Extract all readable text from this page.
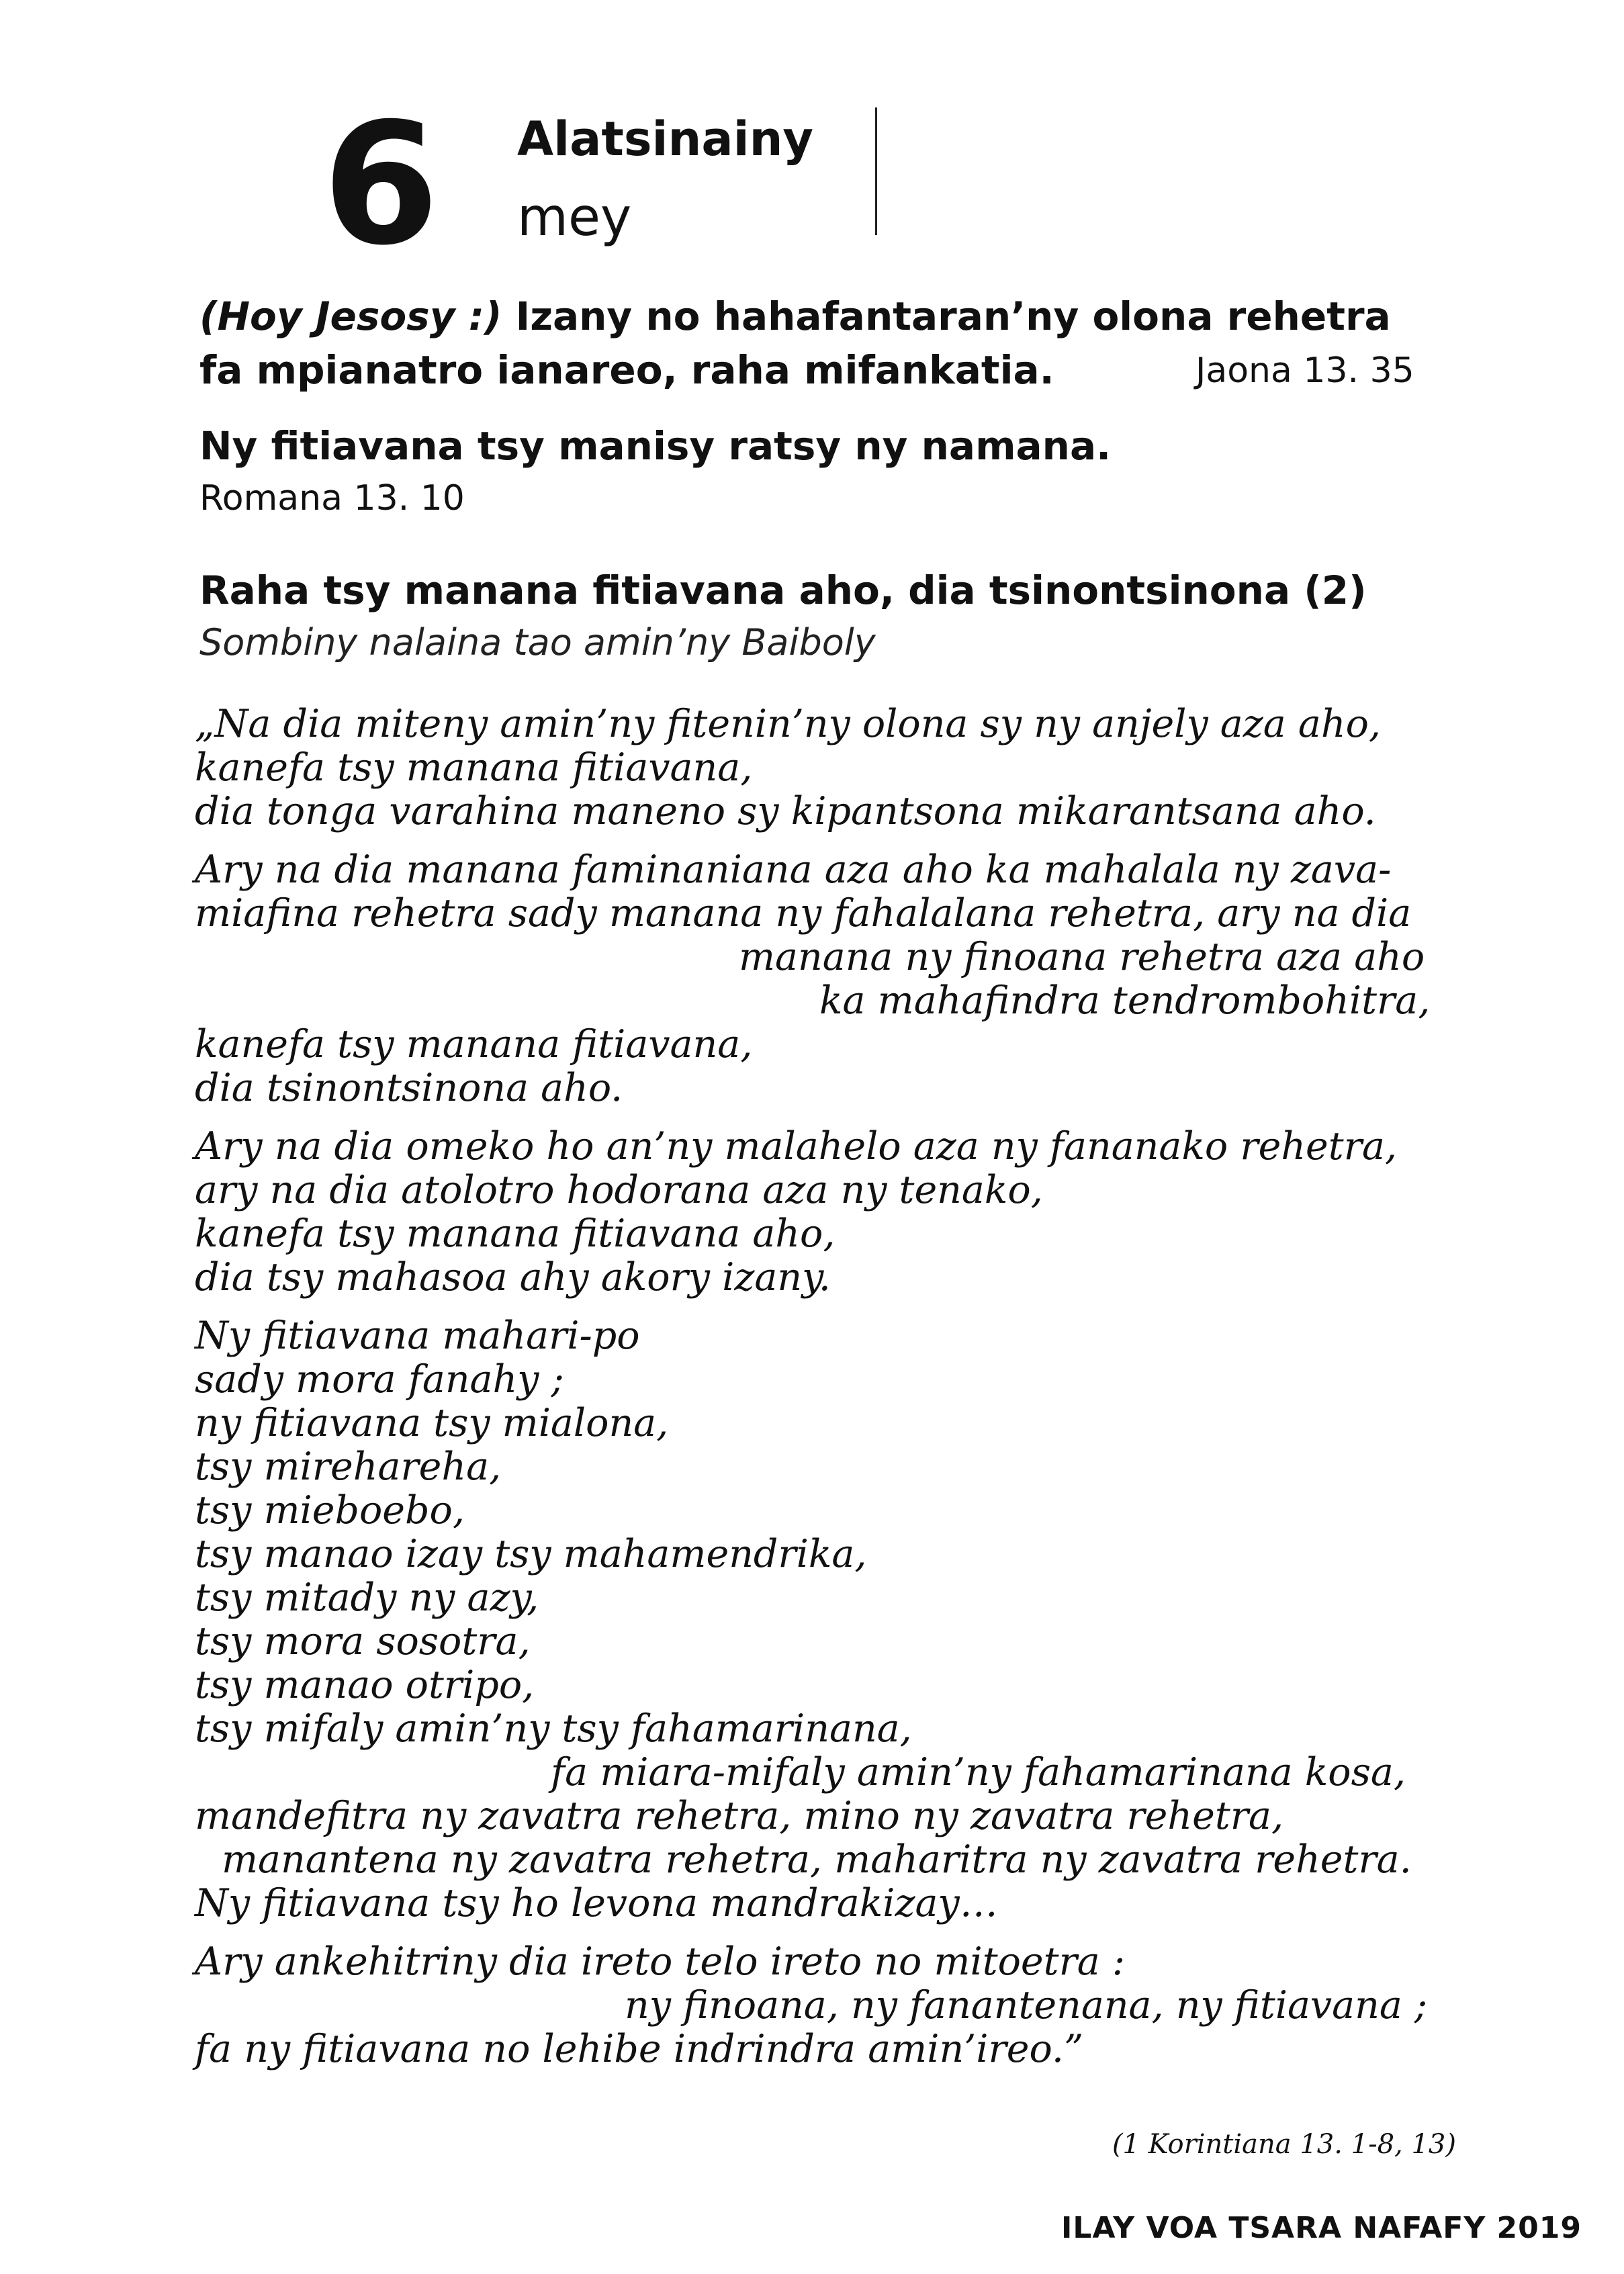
6 Alatsinainy
mey
(Hoy Jesosy :) Izany no hahafantaran’ny olona rehetra
fa mpianatro ianareo, raha mifankatia.	Jaona 13. 35
Ny fitiavana tsy manisy ratsy ny namana.
Romana 13. 10
Raha tsy manana fitiavana aho, dia tsinontsinona (2)
Sombiny nalaina tao amin’ny Baiboly
„Na dia miteny amin’ny fitenin’ny olona sy ny anjely aza aho,
kanefa tsy manana fitiavana,
dia tonga varahina maneno sy kipantsona mikarantsana aho.
Ary na dia manana faminaniana aza aho ka mahalala ny zava-
miafina rehetra sady manana ny fahalalana rehetra, ary na dia
manana ny finoana rehetra aza aho
ka mahafindra tendrombohitra,
kanefa tsy manana fitiavana,
dia tsinontsinona aho.
Ary na dia omeko ho an’ny malahelo aza ny fananako rehetra,
ary na dia atolotro hodorana aza ny tenako,
kanefa tsy manana fitiavana aho,
dia tsy mahasoa ahy akory izany.
Ny fitiavana mahari-po
sady mora fanahy ;
ny fitiavana tsy mialona,
tsy mirehareha,
tsy mieboebo,
tsy manao izay tsy mahamendrika,
tsy mitady ny azy,
tsy mora sosotra,
tsy manao otripo,
tsy mifaly amin’ny tsy fahamarinana,
fa miara-mifaly amin’ny fahamarinana kosa,
mandefitra ny zavatra rehetra, mino ny zavatra rehetra,
manantena ny zavatra rehetra, maharitra ny zavatra rehetra.
Ny fitiavana tsy ho levona mandrakizay…
Ary ankehitriny dia ireto telo ireto no mitoetra :
ny finoana, ny fanantenana, ny fitiavana ;
fa ny fitiavana no lehibe indrindra amin’ireo.”
(1 Korintiana 13. 1-8, 13)
ILAY VOA TSARA NAFAFY 2019
